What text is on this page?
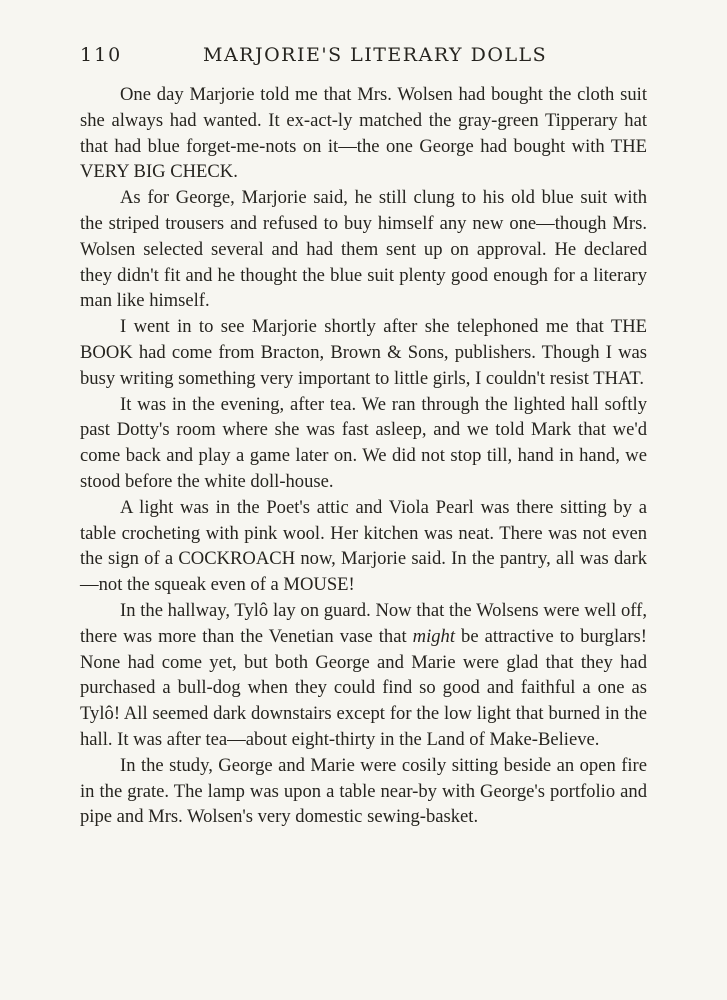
110	MARJORIE'S LITERARY DOLLS

One day Marjorie told me that Mrs. Wolsen had bought the cloth suit she always had wanted. It ex-act-ly matched the gray-green Tipperary hat that had blue forget-me-nots on it—the one George had bought with THE VERY BIG CHECK.

As for George, Marjorie said, he still clung to his old blue suit with the striped trousers and refused to buy himself any new one—though Mrs. Wolsen selected several and had them sent up on approval. He declared they didn't fit and he thought the blue suit plenty good enough for a literary man like himself.

I went in to see Marjorie shortly after she telephoned me that THE BOOK had come from Bracton, Brown & Sons, publishers. Though I was busy writing something very important to little girls, I couldn't resist THAT.

It was in the evening, after tea. We ran through the lighted hall softly past Dotty's room where she was fast asleep, and we told Mark that we'd come back and play a game later on. We did not stop till, hand in hand, we stood before the white doll-house.

A light was in the Poet's attic and Viola Pearl was there sitting by a table crocheting with pink wool. Her kitchen was neat. There was not even the sign of a COCKROACH now, Marjorie said. In the pantry, all was dark—not the squeak even of a MOUSE!

In the hallway, Tylô lay on guard. Now that the Wolsens were well off, there was more than the Venetian vase that might be attractive to burglars! None had come yet, but both George and Marie were glad that they had purchased a bull-dog when they could find so good and faithful a one as Tylô! All seemed dark downstairs except for the low light that burned in the hall. It was after tea—about eight-thirty in the Land of Make-Believe.

In the study, George and Marie were cosily sitting beside an open fire in the grate. The lamp was upon a table near-by with George's portfolio and pipe and Mrs. Wolsen's very domestic sewing-basket.
